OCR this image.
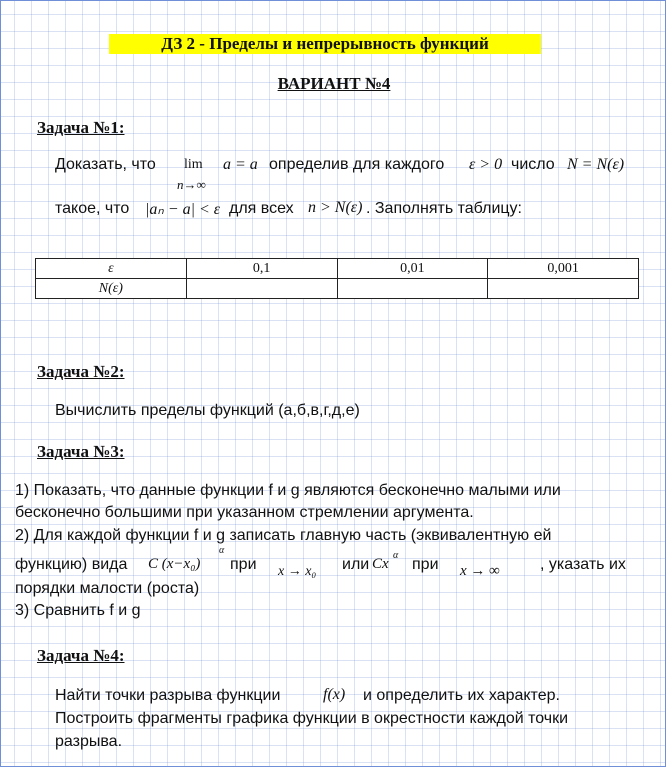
ДЗ 2 - Пределы и непрерывность функций
ВАРИАНТ №4
Задача №1:
Доказать, что lim
n→∞
a = a определив для каждого ε > 0 число N = N(ε)
такое, что |aₙ − a| < ε для всех n > N(ε) . Заполнять таблицу:
ε	0,1	0,01	0,001
N(ε)			
Задача №2:
Вычислить пределы функций (а,б,в,г,д,е)
Задача №3:
1) Показать, что данные функции f и g являются бесконечно малыми или
бесконечно большими при указанном стремлении аргумента.
2) Для каждой функции f и g записать главную часть (эквивалентную ей
функцию) вида C (x−x₀)
α
при x → x₀ или Cx
α
при x → ∞	, указать их
порядки малости (роста)
3) Сравнить f и g
Задача №4:
Найти точки разрыва функции	f(x) и определить их характер.
Построить фрагменты графика функции в окрестности каждой точки
разрыва.
